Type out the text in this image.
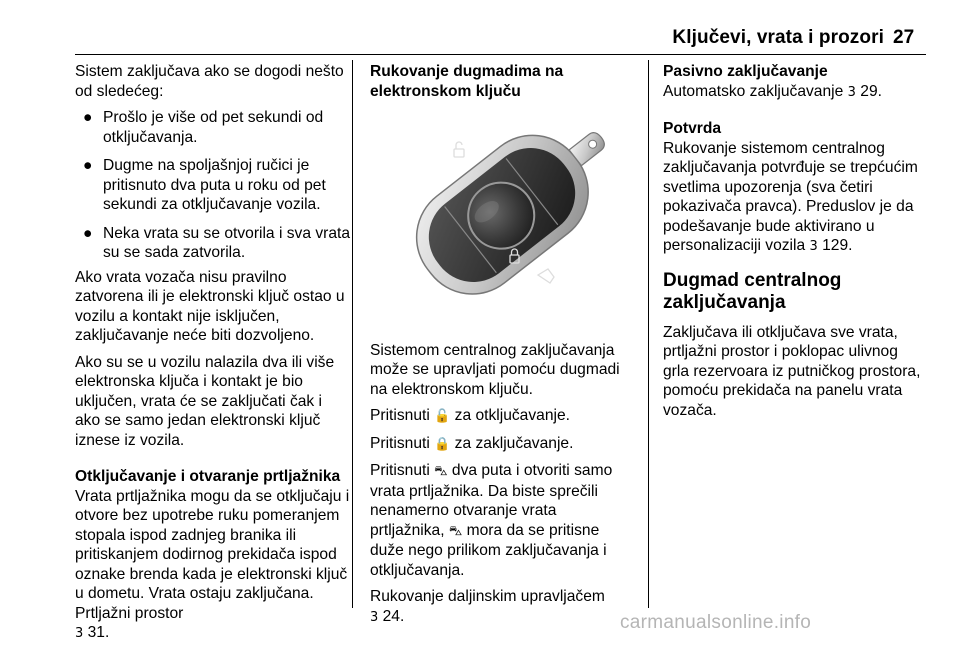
Ključevi, vrata i prozori 27

Sistem zaključava ako se dogodi nešto od sledećeg:

● Prošlo je više od pet sekundi od otključavanja.
● Dugme na spoljašnjoj ručici je pritisnuto dva puta u roku od pet sekundi za otključavanje vozila.
● Neka vrata su se otvorila i sva vrata su se sada zatvorila.

Ako vrata vozača nisu pravilno zatvorena ili je elektronski ključ ostao u vozilu a kontakt nije isključen, zaključavanje neće biti dozvoljeno.

Ako su se u vozilu nalazila dva ili više elektronska ključa i kontakt je bio uključen, vrata će se zaključati čak i ako se samo jedan elektronski ključ iznese iz vozila.

Otključavanje i otvaranje prtljažnika

Vrata prtljažnika mogu da se otključaju i otvore bez upotrebe ruku pomeranjem stopala ispod zadnjeg branika ili pritiskanjem dodirnog prekidača ispod oznake brenda kada je elektronski ključ u dometu. Vrata ostaju zaključana. Prtljažni prostor
3 31.

Rukovanje dugmadima na elektronskom ključu

Sistemom centralnog zaključavanja može se upravljati pomoću dugmadi na elektronskom ključu.

Pritisnuti 🔓 za otključavanje.

Pritisnuti 🔒 za zaključavanje.

Pritisnuti ⛍ dva puta i otvoriti samo vrata prtljažnika. Da biste sprečili nenamerno otvaranje vrata prtljažnika, ⛍ mora da se pritisne duže nego prilikom zaključavanja i otključavanja.

Rukovanje daljinskim upravljačem
3 24.

Pasivno zaključavanje

Automatsko zaključavanje 3 29.

Potvrda

Rukovanje sistemom centralnog zaključavanja potvrđuje se trepćućim svetlima upozorenja (sva četiri pokazivača pravca). Preduslov je da podešavanje bude aktivirano u personalizaciji vozila 3 129.

Dugmad centralnog zaključavanja

Zaključava ili otključava sve vrata, prtljažni prostor i poklopac ulivnog grla rezervoara iz putničkog prostora, pomoću prekidača na panelu vrata vozača.

carmanualsonline.info
